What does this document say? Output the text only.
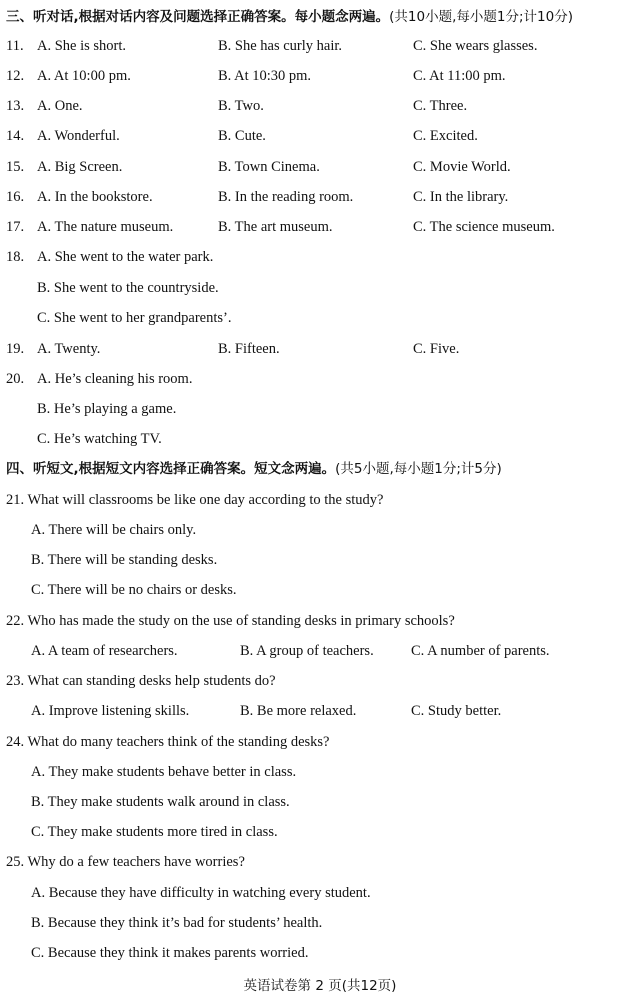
三、听对话,根据对话内容及问题选择正确答案。每小题念两遍。(共10小题,每小题1分;计10分)
11. A. She is short.	B. She has curly hair.	C. She wears glasses.
12. A. At 10:00 pm.	B. At 10:30 pm.	C. At 11:00 pm.
13. A. One.	B. Two.	C. Three.
14. A. Wonderful.	B. Cute.	C. Excited.
15. A. Big Screen.	B. Town Cinema.	C. Movie World.
16. A. In the bookstore.	B. In the reading room.	C. In the library.
17. A. The nature museum.	B. The art museum.	C. The science museum.
18. A. She went to the water park.
B. She went to the countryside.
C. She went to her grandparents’.
19. A. Twenty.	B. Fifteen.	C. Five.
20. A. He’s cleaning his room.
B. He’s playing a game.
C. He’s watching TV.
四、听短文,根据短文内容选择正确答案。短文念两遍。(共5小题,每小题1分;计5分)
21. What will classrooms be like one day according to the study?
A. There will be chairs only.
B. There will be standing desks.
C. There will be no chairs or desks.
22. Who has made the study on the use of standing desks in primary schools?
A. A team of researchers.	B. A group of teachers.	C. A number of parents.
23. What can standing desks help students do?
A. Improve listening skills.	B. Be more relaxed.	C. Study better.
24. What do many teachers think of the standing desks?
A. They make students behave better in class.
B. They make students walk around in class.
C. They make students more tired in class.
25. Why do a few teachers have worries?
A. Because they have difficulty in watching every student.
B. Because they think it’s bad for students’ health.
C. Because they think it makes parents worried.
英语试卷第 2 页(共12页)
